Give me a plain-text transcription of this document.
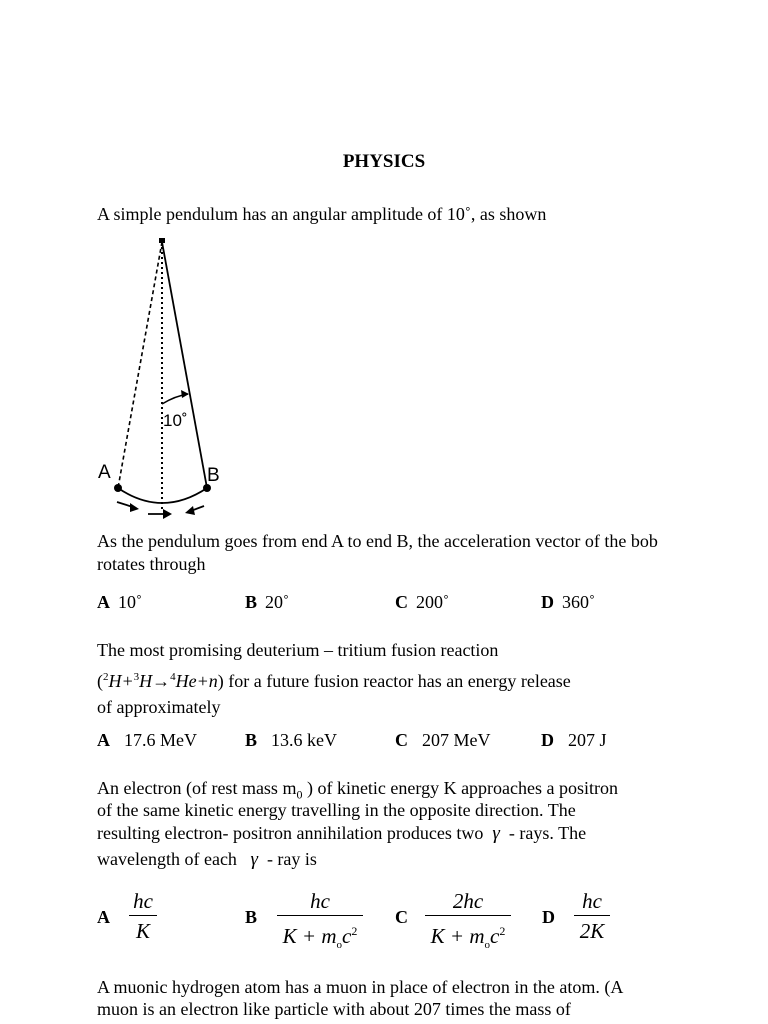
PHYSICS
A simple pendulum has an angular amplitude of 10˚, as shown
10˚
A	B
As the pendulum goes from end A to end B, the acceleration vector of the bob rotates through
A 10˚	B 20˚	C 200˚	D 360˚
The most promising deuterium – tritium fusion reaction
($^2$H+$^3$H→$^4$He+n) for a future fusion reactor has an energy release
of approximately
A 17.6 MeV	B 13.6 keV	C 207 MeV	D 207 J
An electron (of rest mass $m_0$ ) of kinetic energy K approaches a positron
of the same kinetic energy travelling in the opposite direction. The
resulting electron- positron annihilation produces two γ - rays. The
wavelength of each γ - ray is
A
hc
K
B
hc
$K + m_oc^2$
C
2hc
$K + m_oc^2$
D
hc
2K
A muonic hydrogen atom has a muon in place of electron in the atom. (A
muon is an electron like particle with about 207 times the mass of
